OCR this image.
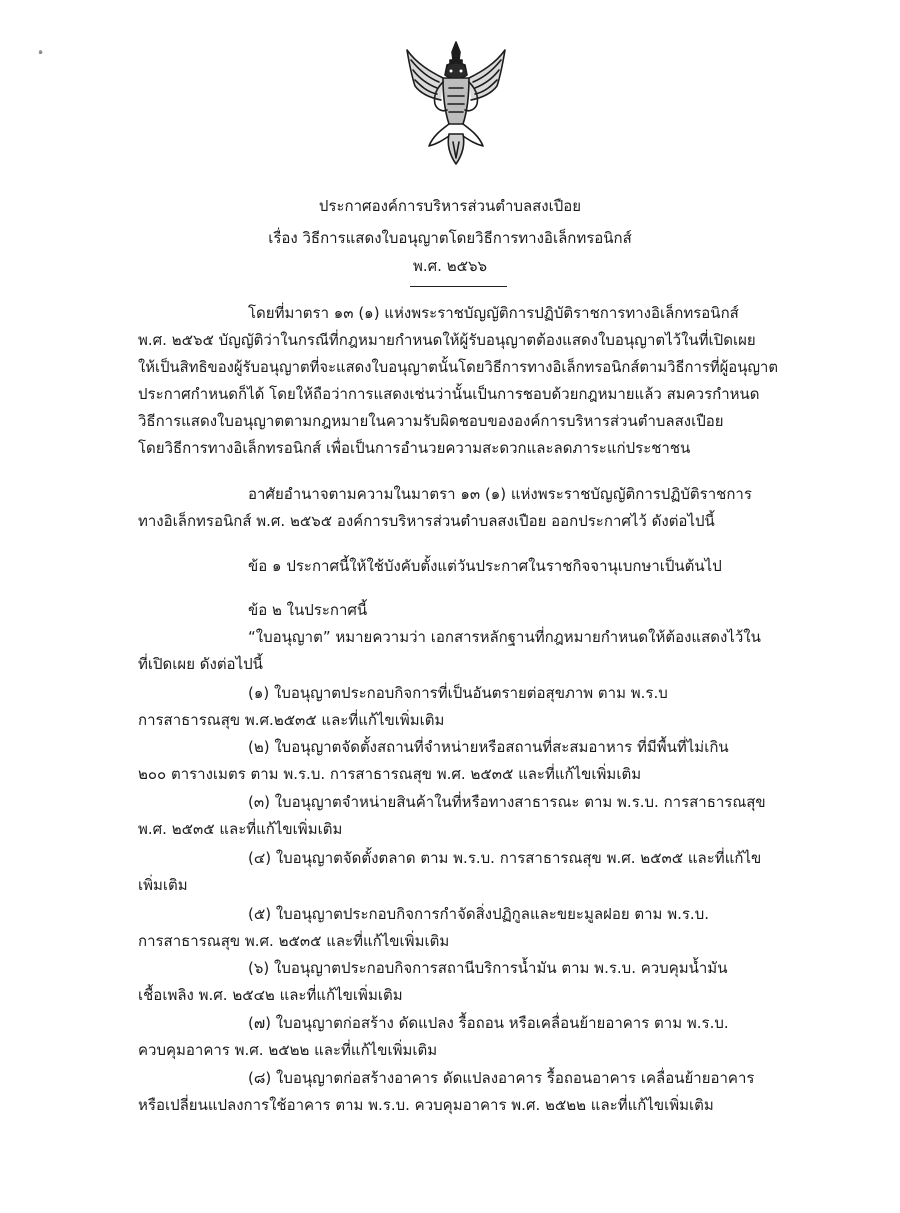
๑
ประกาศองค์การบริหารส่วนตำบลสงเปือย
เรื่อง วิธีการแสดงใบอนุญาตโดยวิธีการทางอิเล็กทรอนิกส์
พ.ศ. ๒๕๖๖
โดยที่มาตรา ๑๓ (๑) แห่งพระราชบัญญัติการปฏิบัติราชการทางอิเล็กทรอนิกส์
พ.ศ. ๒๕๖๕ บัญญัติว่าในกรณีที่กฎหมายกำหนดให้ผู้รับอนุญาตต้องแสดงใบอนุญาตไว้ในที่เปิดเผย
ให้เป็นสิทธิของผู้รับอนุญาตที่จะแสดงใบอนุญาตนั้นโดยวิธีการทางอิเล็กทรอนิกส์ตามวิธีการที่ผู้อนุญาต
ประกาศกำหนดก็ได้ โดยให้ถือว่าการแสดงเช่นว่านั้นเป็นการชอบด้วยกฎหมายแล้ว สมควรกำหนด
วิธีการแสดงใบอนุญาตตามกฎหมายในความรับผิดชอบขององค์การบริหารส่วนตำบลสงเปือย
โดยวิธีการทางอิเล็กทรอนิกส์ เพื่อเป็นการอำนวยความสะดวกและลดภาระแก่ประชาชน
อาศัยอำนาจตามความในมาตรา ๑๓ (๑) แห่งพระราชบัญญัติการปฏิบัติราชการ
ทางอิเล็กทรอนิกส์ พ.ศ. ๒๕๖๕ องค์การบริหารส่วนตำบลสงเปือย ออกประกาศไว้ ดังต่อไปนี้
ข้อ ๑ ประกาศนี้ให้ใช้บังคับตั้งแต่วันประกาศในราชกิจจานุเบกษาเป็นต้นไป
ข้อ ๒ ในประกาศนี้
“ใบอนุญาต” หมายความว่า เอกสารหลักฐานที่กฎหมายกำหนดให้ต้องแสดงไว้ใน
ที่เปิดเผย ดังต่อไปนี้
(๑) ใบอนุญาตประกอบกิจการที่เป็นอันตรายต่อสุขภาพ ตาม พ.ร.บ
การสาธารณสุข พ.ศ.๒๕๓๕ และที่แก้ไขเพิ่มเติม
(๒) ใบอนุญาตจัดตั้งสถานที่จำหน่ายหรือสถานที่สะสมอาหาร ที่มีพื้นที่ไม่เกิน
๒๐๐ ตารางเมตร ตาม พ.ร.บ. การสาธารณสุข พ.ศ. ๒๕๓๕ และที่แก้ไขเพิ่มเติม
(๓) ใบอนุญาตจำหน่ายสินค้าในที่หรือทางสาธารณะ ตาม พ.ร.บ. การสาธารณสุข
พ.ศ. ๒๕๓๕ และที่แก้ไขเพิ่มเติม
(๔) ใบอนุญาตจัดตั้งตลาด ตาม พ.ร.บ. การสาธารณสุข พ.ศ. ๒๕๓๕ และที่แก้ไข
เพิ่มเติม
(๕) ใบอนุญาตประกอบกิจการกำจัดสิ่งปฏิกูลและขยะมูลฝอย ตาม พ.ร.บ.
การสาธารณสุข พ.ศ. ๒๕๓๕ และที่แก้ไขเพิ่มเติม
(๖) ใบอนุญาตประกอบกิจการสถานีบริการน้ำมัน ตาม พ.ร.บ. ควบคุมน้ำมัน
เชื้อเพลิง พ.ศ. ๒๕๔๒ และที่แก้ไขเพิ่มเติม
(๗) ใบอนุญาตก่อสร้าง ดัดแปลง รื้อถอน หรือเคลื่อนย้ายอาคาร ตาม พ.ร.บ.
ควบคุมอาคาร พ.ศ. ๒๕๒๒ และที่แก้ไขเพิ่มเติม
(๘) ใบอนุญาตก่อสร้างอาคาร ดัดแปลงอาคาร รื้อถอนอาคาร เคลื่อนย้ายอาคาร
หรือเปลี่ยนแปลงการใช้อาคาร ตาม พ.ร.บ. ควบคุมอาคาร พ.ศ. ๒๕๒๒ และที่แก้ไขเพิ่มเติม
